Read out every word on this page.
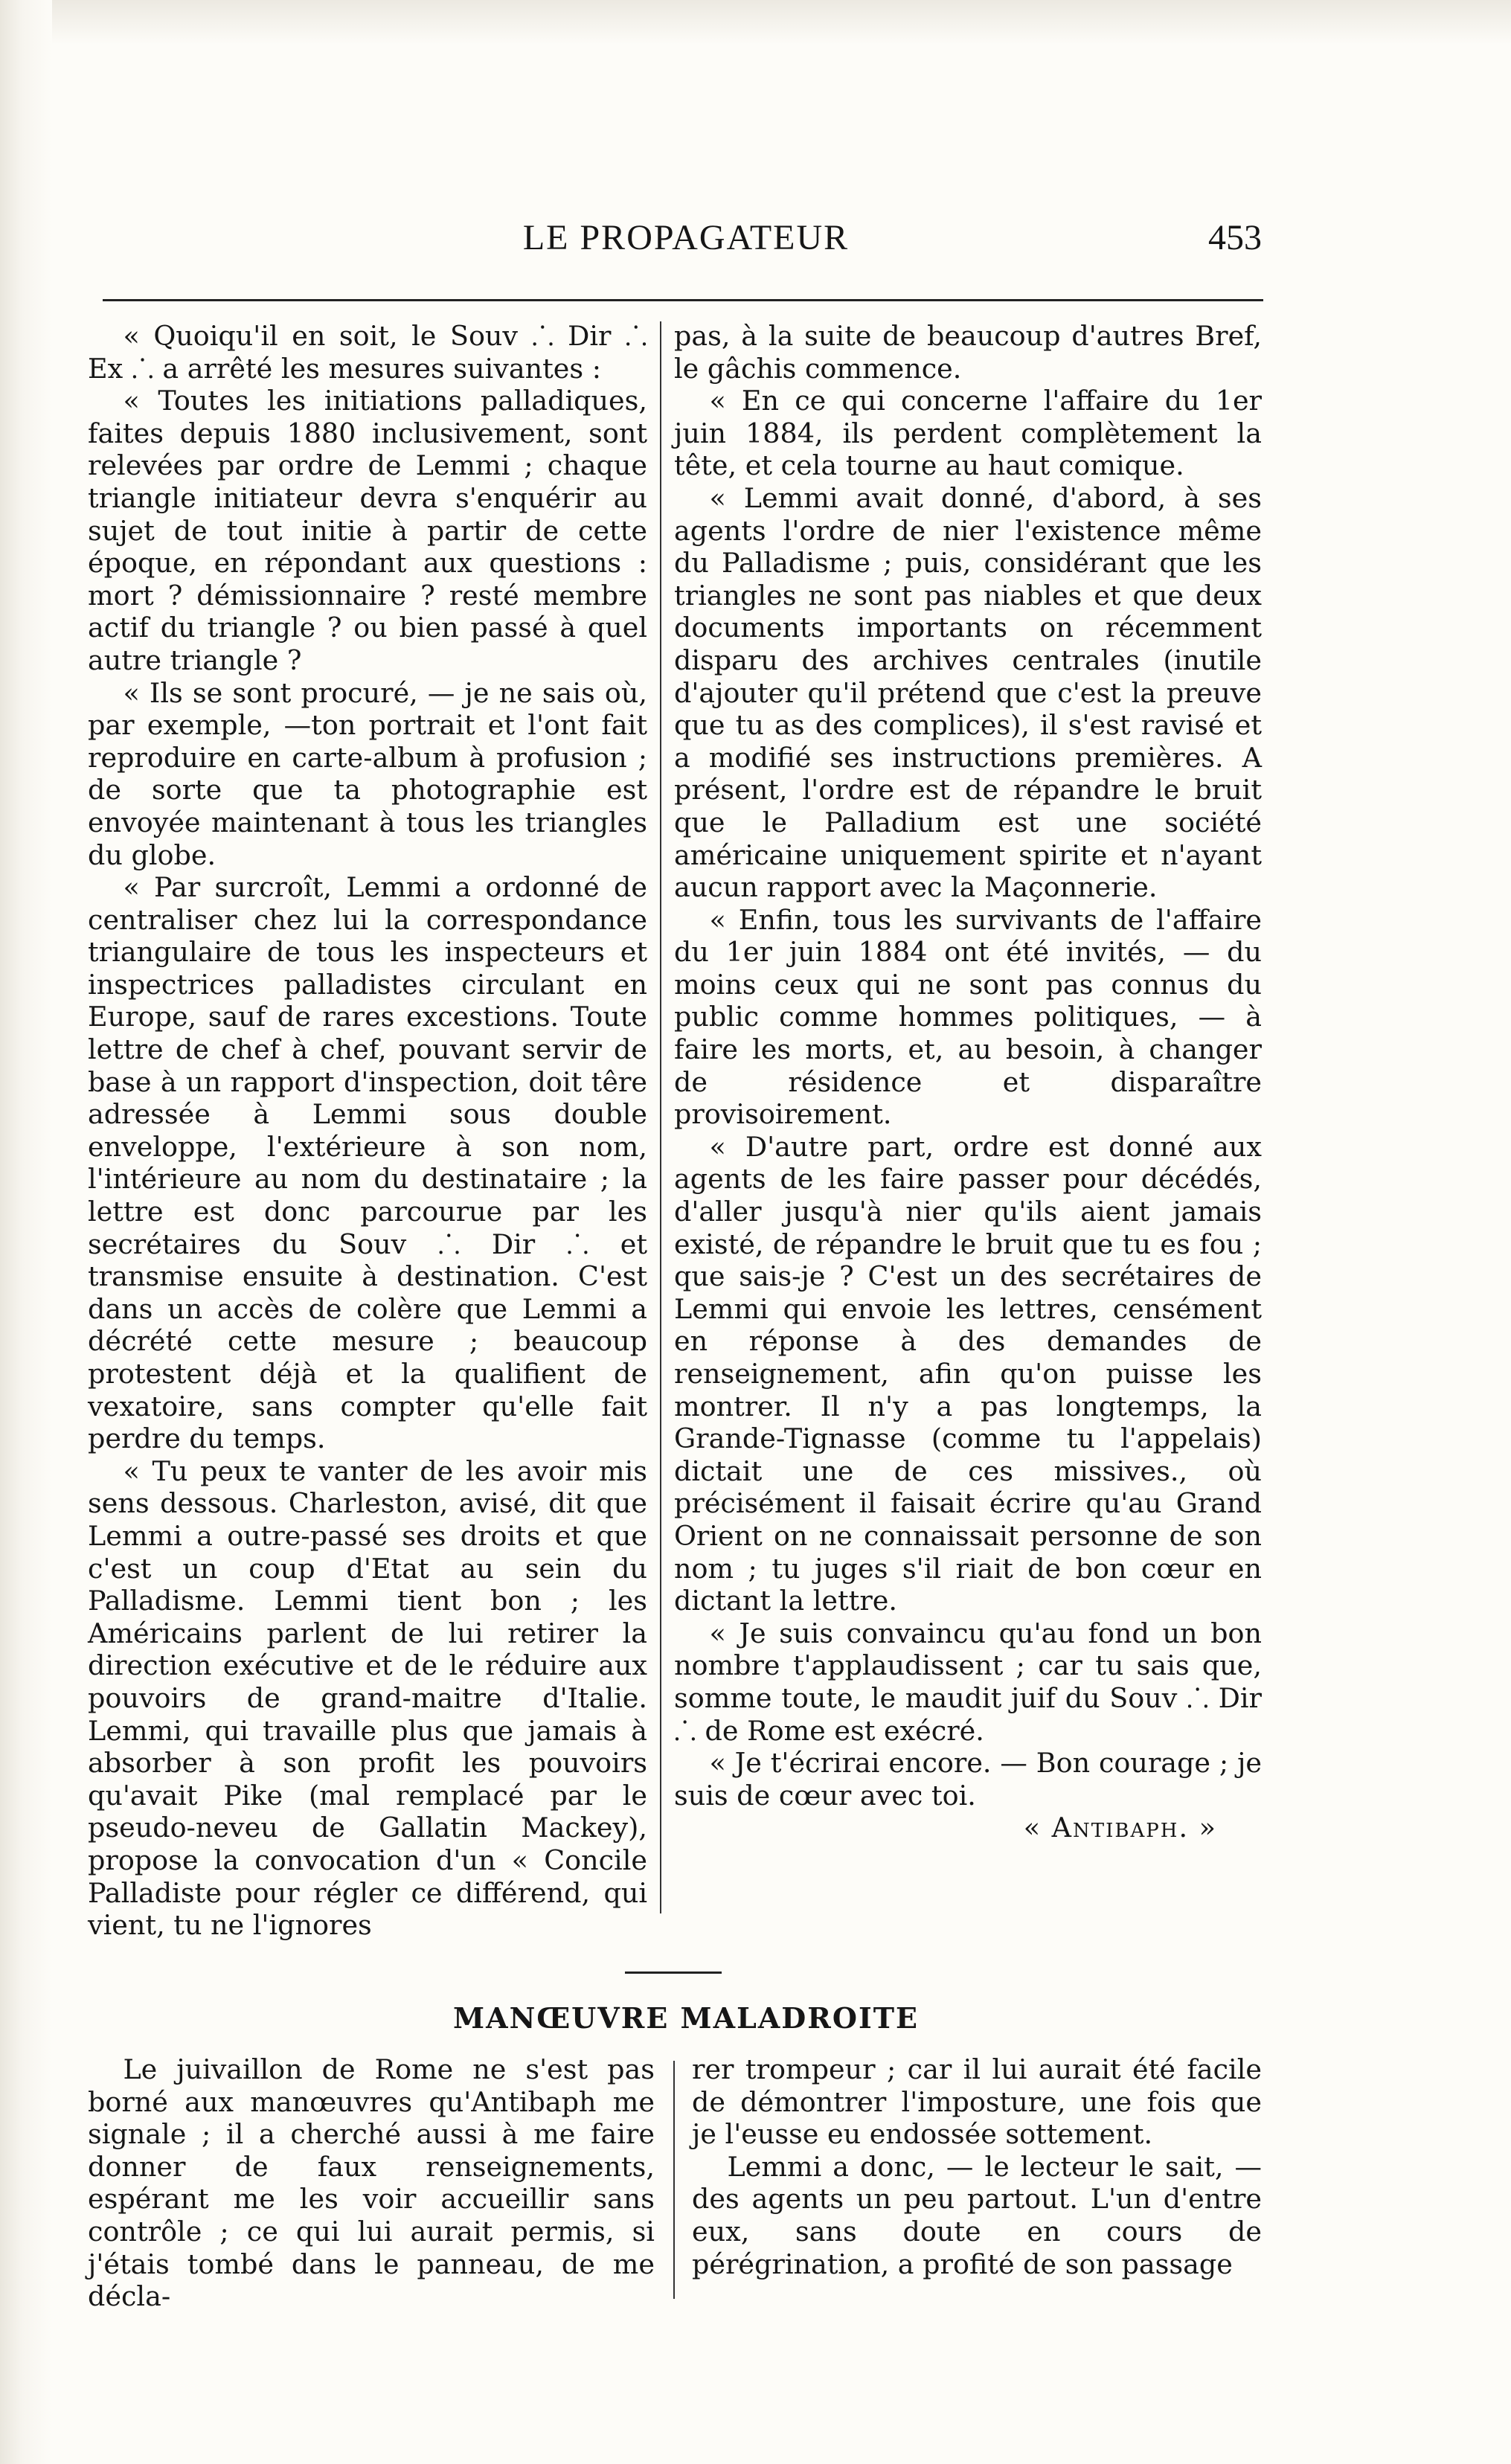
LE PROPAGATEUR	453

« Quoiqu'il en soit, le Souv ⸫ Dir ⸫ Ex ⸫ a arrêté les mesures suivantes :

« Toutes les initiations palladiques, faites depuis 1880 inclusivement, sont relevées par ordre de Lemmi ; chaque triangle initiateur devra s'enquérir au sujet de tout initie à partir de cette époque, en répondant aux questions : mort ? démissionnaire ? resté membre actif du triangle ? ou bien passé à quel autre triangle ?

« Ils se sont procuré, — je ne sais où, par exemple, —ton portrait et l'ont fait reproduire en carte-album à profusion ; de sorte que ta photographie est envoyée maintenant à tous les triangles du globe.

« Par surcroît, Lemmi a ordonné de centraliser chez lui la correspondance triangulaire de tous les inspecteurs et inspectrices palladistes circulant en Europe, sauf de rares excestions. Toute lettre de chef à chef, pouvant servir de base à un rapport d'inspection, doit têre adressée à Lemmi sous double enveloppe, l'extérieure à son nom, l'intérieure au nom du destinataire ; la lettre est donc parcourue par les secrétaires du Souv ⸫ Dir ⸫ et transmise ensuite à destination. C'est dans un accès de colère que Lemmi a décrété cette mesure ; beaucoup protestent déjà et la qualifient de vexatoire, sans compter qu'elle fait perdre du temps.

« Tu peux te vanter de les avoir mis sens dessous. Charleston, avisé, dit que Lemmi a outre-passé ses droits et que c'est un coup d'Etat au sein du Palladisme. Lemmi tient bon ; les Américains parlent de lui retirer la direction exécutive et de le réduire aux pouvoirs de grand-maitre d'Italie. Lemmi, qui travaille plus que jamais à absorber à son profit les pouvoirs qu'avait Pike (mal remplacé par le pseudo-neveu de Gallatin Mackey), propose la convocation d'un « Concile Palladiste pour régler ce différend, qui vient, tu ne l'ignores

pas, à la suite de beaucoup d'autres Bref, le gâchis commence.

« En ce qui concerne l'affaire du 1er juin 1884, ils perdent complètement la tête, et cela tourne au haut comique.

« Lemmi avait donné, d'abord, à ses agents l'ordre de nier l'existence même du Palladisme ; puis, considérant que les triangles ne sont pas niables et que deux documents importants on récemment disparu des archives centrales (inutile d'ajouter qu'il prétend que c'est la preuve que tu as des complices), il s'est ravisé et a modifié ses instructions premières. A présent, l'ordre est de répandre le bruit que le Palladium est une société américaine uniquement spirite et n'ayant aucun rapport avec la Maçonnerie.

« Enfin, tous les survivants de l'affaire du 1er juin 1884 ont été invités, — du moins ceux qui ne sont pas connus du public comme hommes politiques, — à faire les morts, et, au besoin, à changer de résidence et disparaître provisoirement.

« D'autre part, ordre est donné aux agents de les faire passer pour décédés, d'aller jusqu'à nier qu'ils aient jamais existé, de répandre le bruit que tu es fou ; que sais-je ? C'est un des secrétaires de Lemmi qui envoie les lettres, censément en réponse à des demandes de renseignement, afin qu'on puisse les montrer. Il n'y a pas longtemps, la Grande-Tignasse (comme tu l'appelais) dictait une de ces missives., où précisément il faisait écrire qu'au Grand Orient on ne connaissait personne de son nom ; tu juges s'il riait de bon cœur en dictant la lettre.

« Je suis convaincu qu'au fond un bon nombre t'applaudissent ; car tu sais que, somme toute, le maudit juif du Souv ⸫ Dir ⸫ de Rome est exécré.

« Je t'écrirai encore. — Bon courage ; je suis de cœur avec toi.

« Antibaph. »

MANŒUVRE MALADROITE

Le juivaillon de Rome ne s'est pas borné aux manœuvres qu'Antibaph me signale ; il a cherché aussi à me faire donner de faux renseignements, espérant me les voir accueillir sans contrôle ; ce qui lui aurait permis, si j'étais tombé dans le panneau, de me décla-

rer trompeur ; car il lui aurait été facile de démontrer l'imposture, une fois que je l'eusse eu endossée sottement.

Lemmi a donc, — le lecteur le sait, — des agents un peu partout. L'un d'entre eux, sans doute en cours de pérégrination, a profité de son passage
